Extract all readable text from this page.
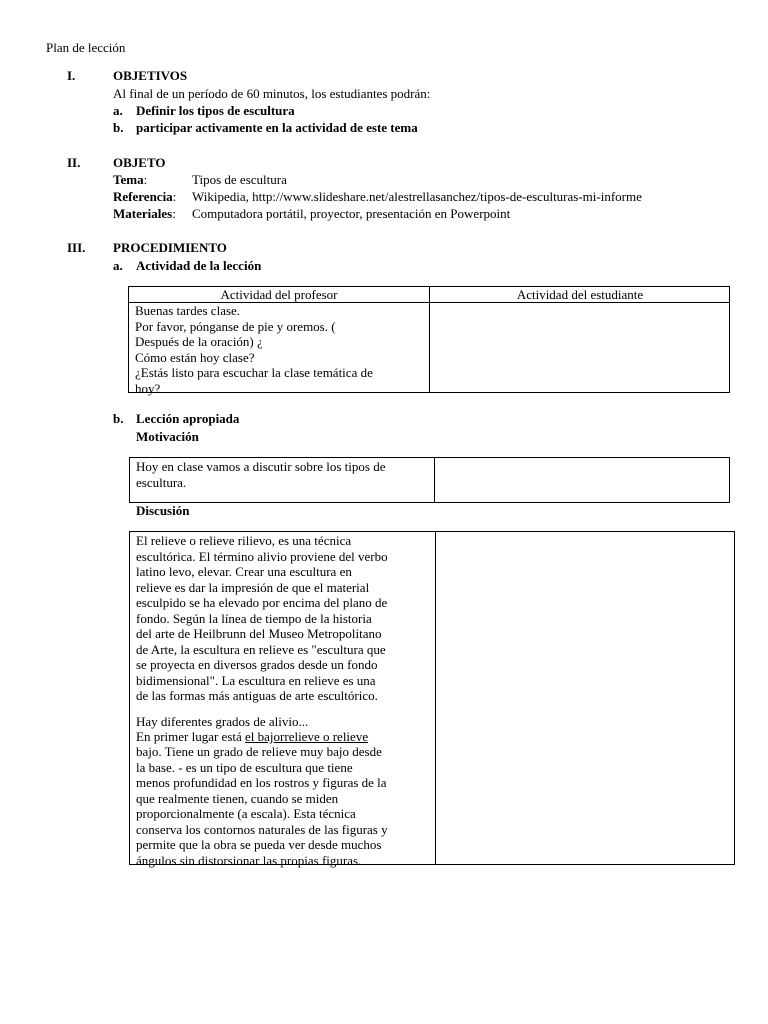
Plan de lección
I.	OBJETIVOS
Al final de un período de 60 minutos, los estudiantes podrán:
a. Definir los tipos de escultura
b. participar activamente en la actividad de este tema
II.	OBJETO
Tema:	Tipos de escultura
Referencia: Wikipedia, http://www.slideshare.net/alestrellasanchez/tipos-de-esculturas-mi-informe
Materiales: Computadora portátil, proyector, presentación en Powerpoint
III. PROCEDIMIENTO
a. Actividad de la lección
Actividad del profesor	Actividad del estudiante
Buenas tardes clase.
Por favor, pónganse de pie y oremos. (
Después de la oración) ¿
Cómo están hoy clase?
¿Estás listo para escuchar la clase temática de
hoy?
b. Lección apropiada
Motivación
Hoy en clase vamos a discutir sobre los tipos de
escultura.
Discusión
El relieve o relieve rilievo, es una técnica
escultórica. El término alivio proviene del verbo
latino levo, elevar. Crear una escultura en
relieve es dar la impresión de que el material
esculpido se ha elevado por encima del plano de
fondo. Según la línea de tiempo de la historia
del arte de Heilbrunn del Museo Metropolitano
de Arte, la escultura en relieve es "escultura que
se proyecta en diversos grados desde un fondo
bidimensional". La escultura en relieve es una
de las formas más antiguas de arte escultórico.
Hay diferentes grados de alivio...
En primer lugar está el bajorrelieve o relieve
bajo. Tiene un grado de relieve muy bajo desde
la base. - es un tipo de escultura que tiene
menos profundidad en los rostros y figuras de la
que realmente tienen, cuando se miden
proporcionalmente (a escala). Esta técnica
conserva los contornos naturales de las figuras y
permite que la obra se pueda ver desde muchos
ángulos sin distorsionar las propias figuras.
